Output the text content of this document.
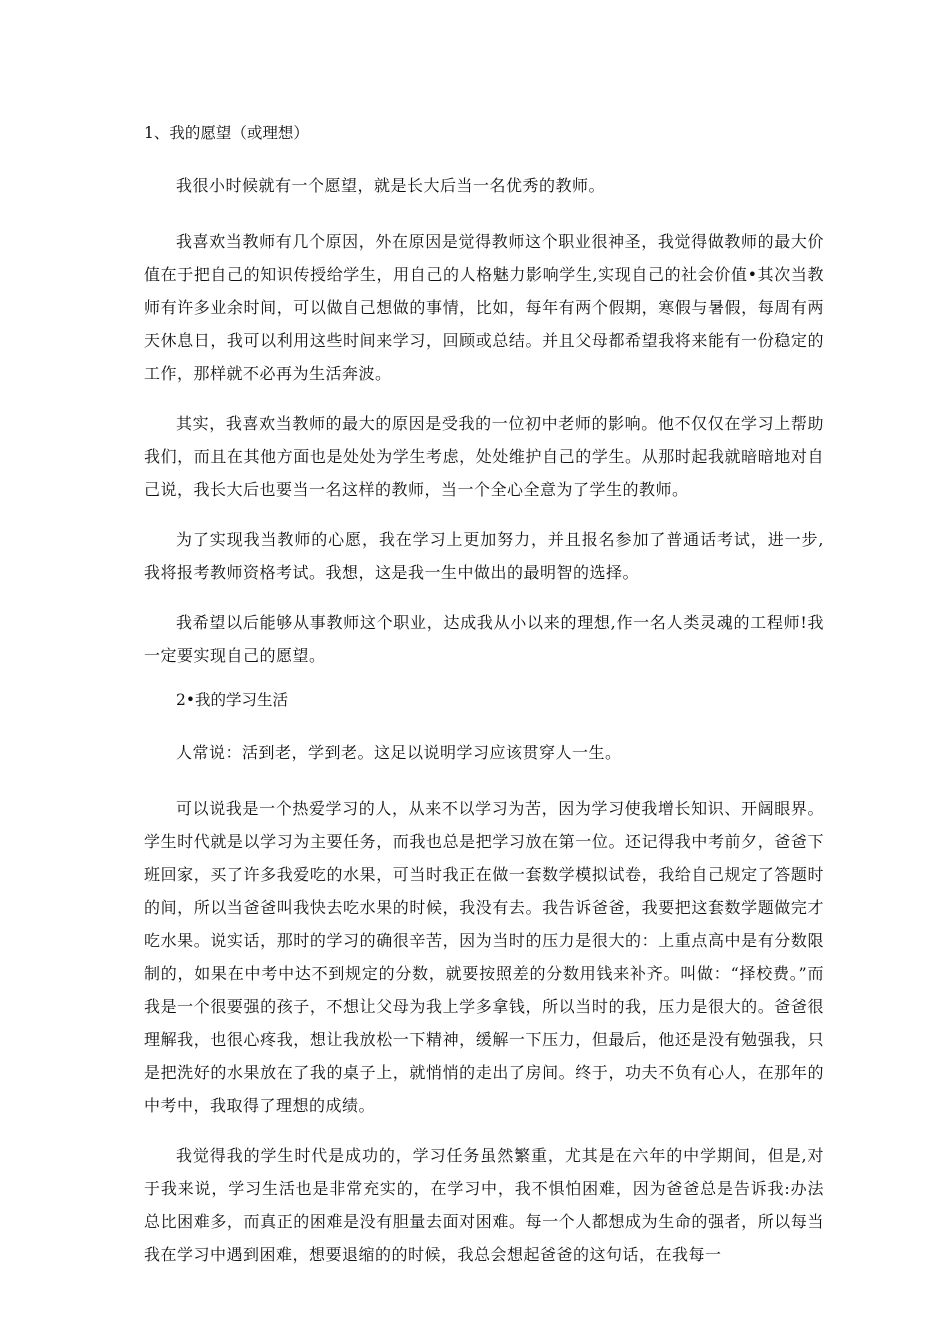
1、我的愿望（或理想）

我很小时候就有一个愿望，就是长大后当一名优秀的教师。

我喜欢当教师有几个原因，外在原因是觉得教师这个职业很神圣，我觉得做教师的最大价值在于把自己的知识传授给学生，用自己的人格魅力影响学生,实现自己的社会价值•其次当教师有许多业余时间，可以做自己想做的事情，比如，每年有两个假期，寒假与暑假，每周有两天休息日，我可以利用这些时间来学习，回顾或总结。并且父母都希望我将来能有一份稳定的工作，那样就不必再为生活奔波。

其实，我喜欢当教师的最大的原因是受我的一位初中老师的影响。他不仅仅在学习上帮助我们，而且在其他方面也是处处为学生考虑，处处维护自己的学生。从那时起我就暗暗地对自己说，我长大后也要当一名这样的教师，当一个全心全意为了学生的教师。

为了实现我当教师的心愿，我在学习上更加努力，并且报名参加了普通话考试，进一步,我将报考教师资格考试。我想，这是我一生中做出的最明智的选择。

我希望以后能够从事教师这个职业，达成我从小以来的理想,作一名人类灵魂的工程师!我一定要实现自己的愿望。

2•我的学习生活

人常说：活到老，学到老。这足以说明学习应该贯穿人一生。

可以说我是一个热爱学习的人，从来不以学习为苦，因为学习使我增长知识、开阔眼界。学生时代就是以学习为主要任务，而我也总是把学习放在第一位。还记得我中考前夕，爸爸下班回家，买了许多我爱吃的水果，可当时我正在做一套数学模拟试卷，我给自己规定了答题时的间，所以当爸爸叫我快去吃水果的时候，我没有去。我告诉爸爸，我要把这套数学题做完才吃水果。说实话，那时的学习的确很辛苦，因为当时的压力是很大的：上重点高中是有分数限制的，如果在中考中达不到规定的分数，就要按照差的分数用钱来补齐。叫做：“择校费。”而我是一个很要强的孩子，不想让父母为我上学多拿钱，所以当时的我，压力是很大的。爸爸很理解我，也很心疼我，想让我放松一下精神，缓解一下压力，但最后，他还是没有勉强我，只是把洗好的水果放在了我的桌子上，就悄悄的走出了房间。终于，功夫不负有心人，在那年的中考中，我取得了理想的成绩。

我觉得我的学生时代是成功的，学习任务虽然繁重，尤其是在六年的中学期间，但是,对于我来说，学习生活也是非常充实的，在学习中，我不惧怕困难，因为爸爸总是告诉我:办法总比困难多，而真正的困难是没有胆量去面对困难。每一个人都想成为生命的强者，所以每当我在学习中遇到困难，想要退缩的的时候，我总会想起爸爸的这句话，在我每一
